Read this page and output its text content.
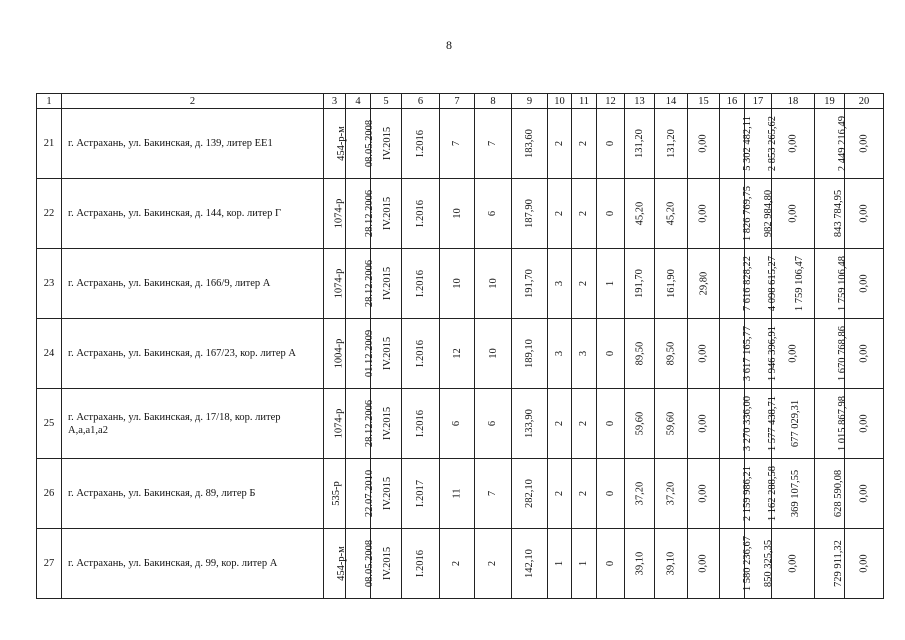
8
1	2	3	4	5	6	7	8	9	10	11	12	13	14	15	16	17	18	19	20
21	г. Астрахань, ул. Бакинская, д. 139, литер ЕЕ1	454-р-м	08.05.2008	IV.2015	I.2016	7	7	183,60	2	2	0	131,20	131,20	0,00	5 302 482,11	2 853 265,62	0,00	2 449 216,49	0,00
22	г. Астрахань, ул. Бакинская, д. 144, кор. литер Г	1074-р	28.12.2006	IV.2015	I.2016	10	6	187,90	2	2	0	45,20	45,20	0,00	1 826 769,75	982 984,80	0,00	843 784,95	0,00
23	г. Астрахань, ул. Бакинская, д. 166/9, литер А	1074-р	28.12.2006	IV.2015	I.2016	10	10	191,70	3	2	1	191,70	161,90	29,80	7 616 828,22	4 098 615,27	1 759 106,47	1 759 106,48	0,00
24	г. Астрахань, ул. Бакинская, д. 167/23, кор. литер А	1004-р	01.12.2009	IV.2015	I.2016	12	10	189,10	3	3	0	89,50	89,50	0,00	3 617 165,77	1 946 396,91	0,00	1 670 768,86	0,00
25	г. Астрахань, ул. Бакинская, д. 17/18, кор. литер А,а,а1,а2	1074-р	28.12.2006	IV.2015	I.2016	6	6	133,90	2	2	0	59,60	59,60	0,00	3 270 336,00	1 577 438,71	677 029,31	1 015 867,98	0,00
26	г. Астрахань, ул. Бакинская, д. 89, литер Б	535-р	22.07.2010	IV.2015	I.2017	11	7	282,10	2	2	0	37,20	37,20	0,00	2 159 986,21	1 162 288,58	369 107,55	628 590,08	0,00
27	г. Астрахань, ул. Бакинская, д. 99, кор. литер А	454-р-м	08.05.2008	IV.2015	I.2016	2	2	142,10	1	1	0	39,10	39,10	0,00	1 580 236,67	850 325,35	0,00	729 911,32	0,00
